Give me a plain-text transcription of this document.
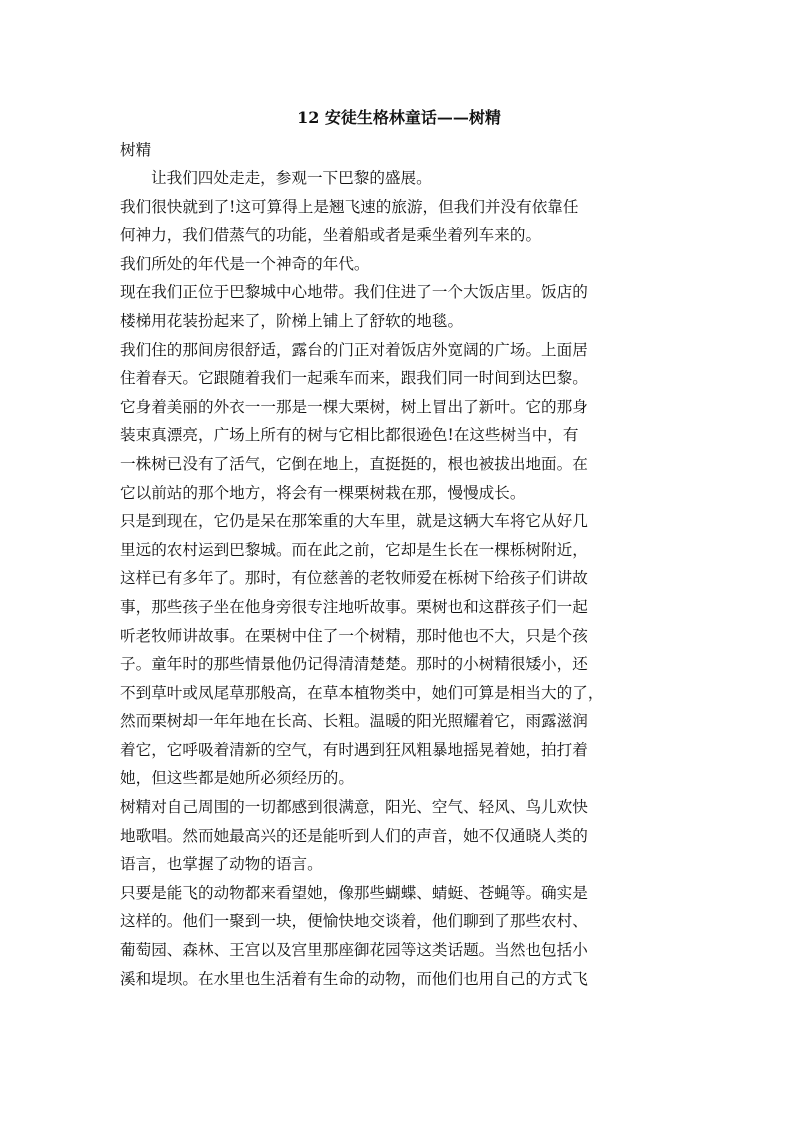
12 安徒生格林童话——树精
树精
让我们四处走走，参观一下巴黎的盛展。
我们很快就到了!这可算得上是翘飞速的旅游，但我们并没有依靠任
何神力，我们借蒸气的功能，坐着船或者是乘坐着列车来的。
我们所处的年代是一个神奇的年代。
现在我们正位于巴黎城中心地带。我们住进了一个大饭店里。饭店的
楼梯用花装扮起来了，阶梯上铺上了舒软的地毯。
我们住的那间房很舒适，露台的门正对着饭店外宽阔的广场。上面居
住着春天。它跟随着我们一起乘车而来，跟我们同一时间到达巴黎。
它身着美丽的外衣一一那是一棵大栗树，树上冒出了新叶。它的那身
装束真漂亮，广场上所有的树与它相比都很逊色!在这些树当中，有
一株树已没有了活气，它倒在地上，直挺挺的，根也被拔出地面。在
它以前站的那个地方，将会有一棵栗树栽在那，慢慢成长。
只是到现在，它仍是呆在那笨重的大车里，就是这辆大车将它从好几
里远的农村运到巴黎城。而在此之前，它却是生长在一棵栎树附近，
这样已有多年了。那时，有位慈善的老牧师爱在栎树下给孩子们讲故
事，那些孩子坐在他身旁很专注地听故事。栗树也和这群孩子们一起
听老牧师讲故事。在栗树中住了一个树精，那时他也不大，只是个孩
子。童年时的那些情景他仍记得清清楚楚。那时的小树精很矮小，还
不到草叶或凤尾草那般高，在草本植物类中，她们可算是相当大的了，
然而栗树却一年年地在长高、长粗。温暖的阳光照耀着它，雨露滋润
着它，它呼吸着清新的空气，有时遇到狂风粗暴地摇晃着她，拍打着
她，但这些都是她所必须经历的。
树精对自己周围的一切都感到很满意，阳光、空气、轻风、鸟儿欢快
地歌唱。然而她最高兴的还是能听到人们的声音，她不仅通晓人类的
语言，也掌握了动物的语言。
只要是能飞的动物都来看望她，像那些蝴蝶、蜻蜓、苍蝇等。确实是
这样的。他们一聚到一块，便愉快地交谈着，他们聊到了那些农村、
葡萄园、森林、王宫以及宫里那座御花园等这类话题。当然也包括小
溪和堤坝。在水里也生活着有生命的动物，而他们也用自己的方式飞
